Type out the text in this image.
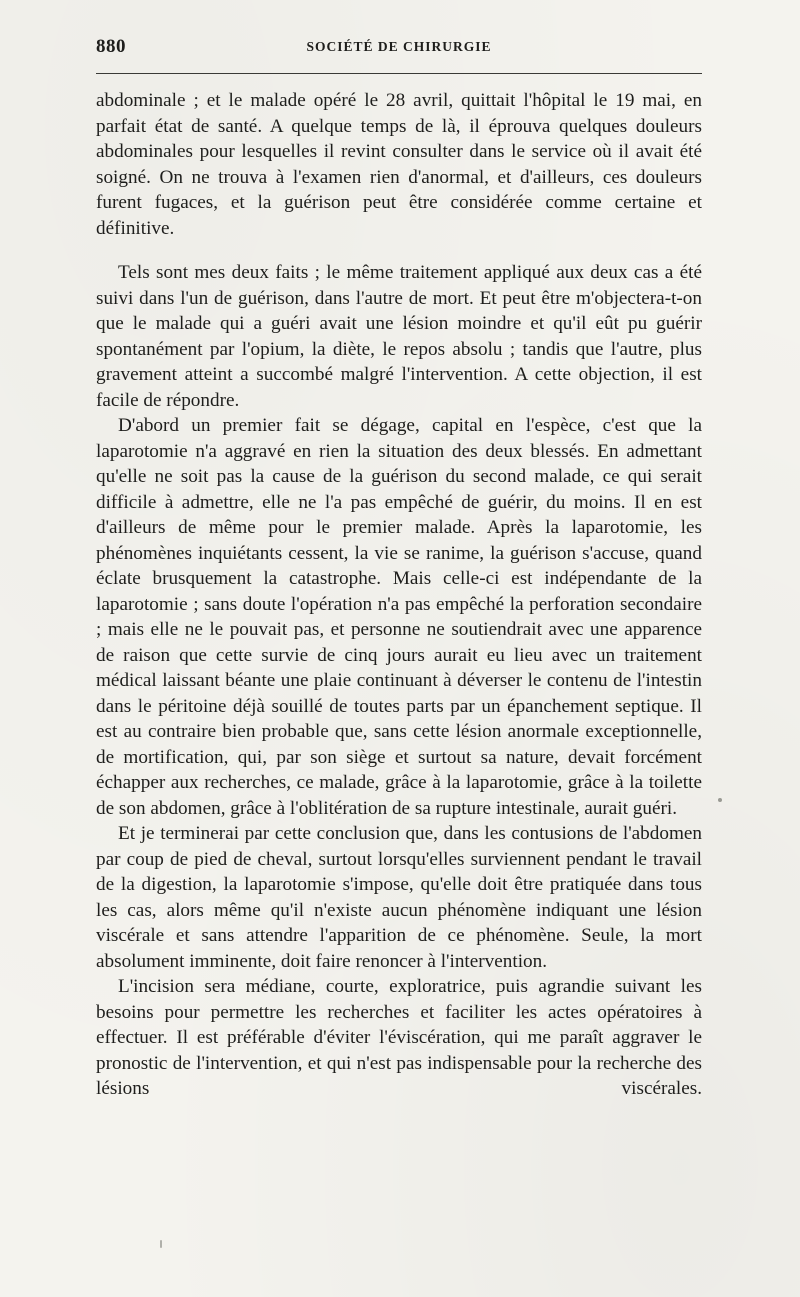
880	SOCIÉTÉ DE CHIRURGIE

abdominale ; et le malade opéré le 28 avril, quittait l'hôpital le 19 mai, en parfait état de santé. A quelque temps de là, il éprouva quelques douleurs abdominales pour lesquelles il revint consulter dans le service où il avait été soigné. On ne trouva à l'examen rien d'anormal, et d'ailleurs, ces douleurs furent fugaces, et la guérison peut être considérée comme certaine et définitive.

Tels sont mes deux faits ; le même traitement appliqué aux deux cas a été suivi dans l'un de guérison, dans l'autre de mort. Et peut être m'objectera-t-on que le malade qui a guéri avait une lésion moindre et qu'il eût pu guérir spontanément par l'opium, la diète, le repos absolu ; tandis que l'autre, plus gravement atteint a succombé malgré l'intervention. A cette objection, il est facile de répondre.

D'abord un premier fait se dégage, capital en l'espèce, c'est que la laparotomie n'a aggravé en rien la situation des deux blessés. En admettant qu'elle ne soit pas la cause de la guérison du second malade, ce qui serait difficile à admettre, elle ne l'a pas empêché de guérir, du moins. Il en est d'ailleurs de même pour le premier malade. Après la laparotomie, les phénomènes inquiétants cessent, la vie se ranime, la guérison s'accuse, quand éclate brusquement la catastrophe. Mais celle-ci est indépendante de la laparotomie ; sans doute l'opération n'a pas empêché la perforation secondaire ; mais elle ne le pouvait pas, et personne ne soutiendrait avec une apparence de raison que cette survie de cinq jours aurait eu lieu avec un traitement médical laissant béante une plaie continuant à déverser le contenu de l'intestin dans le péritoine déjà souillé de toutes parts par un épanchement septique. Il est au contraire bien probable que, sans cette lésion anormale exceptionnelle, de mortification, qui, par son siège et surtout sa nature, devait forcément échapper aux recherches, ce malade, grâce à la laparotomie, grâce à la toilette de son abdomen, grâce à l'oblitération de sa rupture intestinale, aurait guéri.

Et je terminerai par cette conclusion que, dans les contusions de l'abdomen par coup de pied de cheval, surtout lorsqu'elles surviennent pendant le travail de la digestion, la laparotomie s'impose, qu'elle doit être pratiquée dans tous les cas, alors même qu'il n'existe aucun phénomène indiquant une lésion viscérale et sans attendre l'apparition de ce phénomène. Seule, la mort absolument imminente, doit faire renoncer à l'intervention.

L'incision sera médiane, courte, exploratrice, puis agrandie suivant les besoins pour permettre les recherches et faciliter les actes opératoires à effectuer. Il est préférable d'éviter l'éviscération, qui me paraît aggraver le pronostic de l'intervention, et qui n'est pas indispensable pour la recherche des lésions viscérales.
